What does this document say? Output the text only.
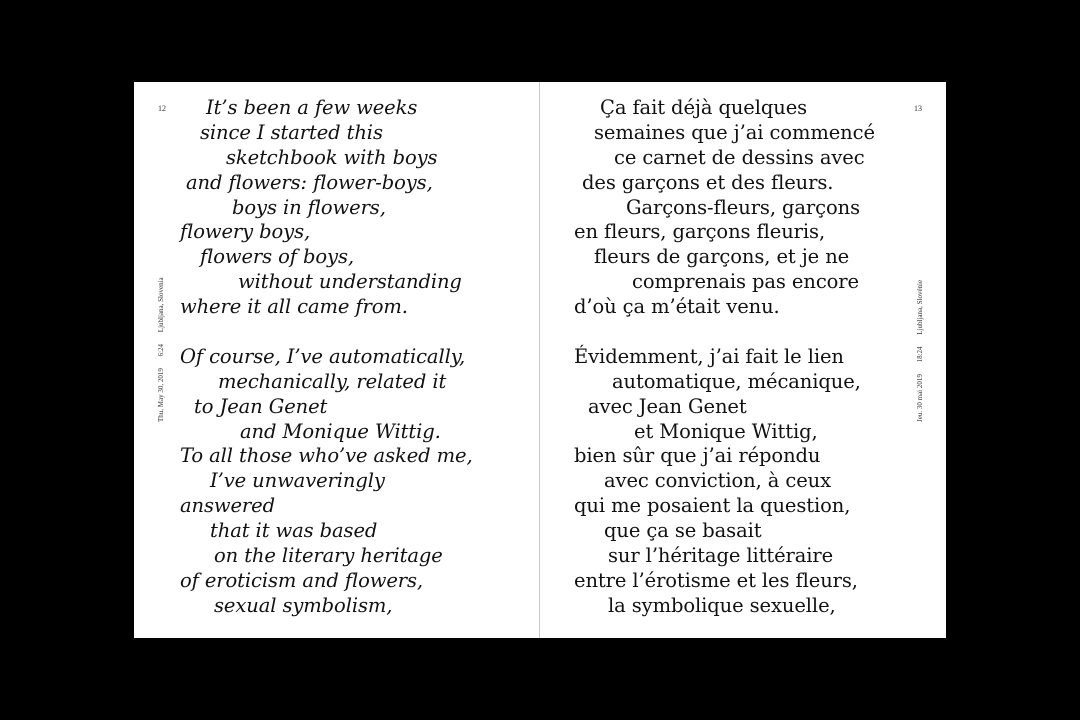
12
Thu, May 30, 2019 6:24 Ljubljana, Slovenia
It’s been a few weeks
since I started this
sketchbook with boys
and flowers: flower-boys,
boys in flowers,
flowery boys,
flowers of boys,
without understanding
where it all came from.
Of course, I’ve automatically,
mechanically, related it
to Jean Genet
and Monique Wittig.
To all those who’ve asked me,
I’ve unwaveringly
answered
that it was based
on the literary heritage
of eroticism and flowers,
sexual symbolism,
13
Jeu. 30 mai 2019 18:24 Ljubljana, Slovénie
Ça fait déjà quelques
semaines que j’ai commencé
ce carnet de dessins avec
des garçons et des fleurs.
Garçons-fleurs, garçons
en fleurs, garçons fleuris,
fleurs de garçons, et je ne
comprenais pas encore
d’où ça m’était venu.
Évidemment, j’ai fait le lien
automatique, mécanique,
avec Jean Genet
et Monique Wittig,
bien sûr que j’ai répondu
avec conviction, à ceux
qui me posaient la question,
que ça se basait
sur l’héritage littéraire
entre l’érotisme et les fleurs,
la symbolique sexuelle,
